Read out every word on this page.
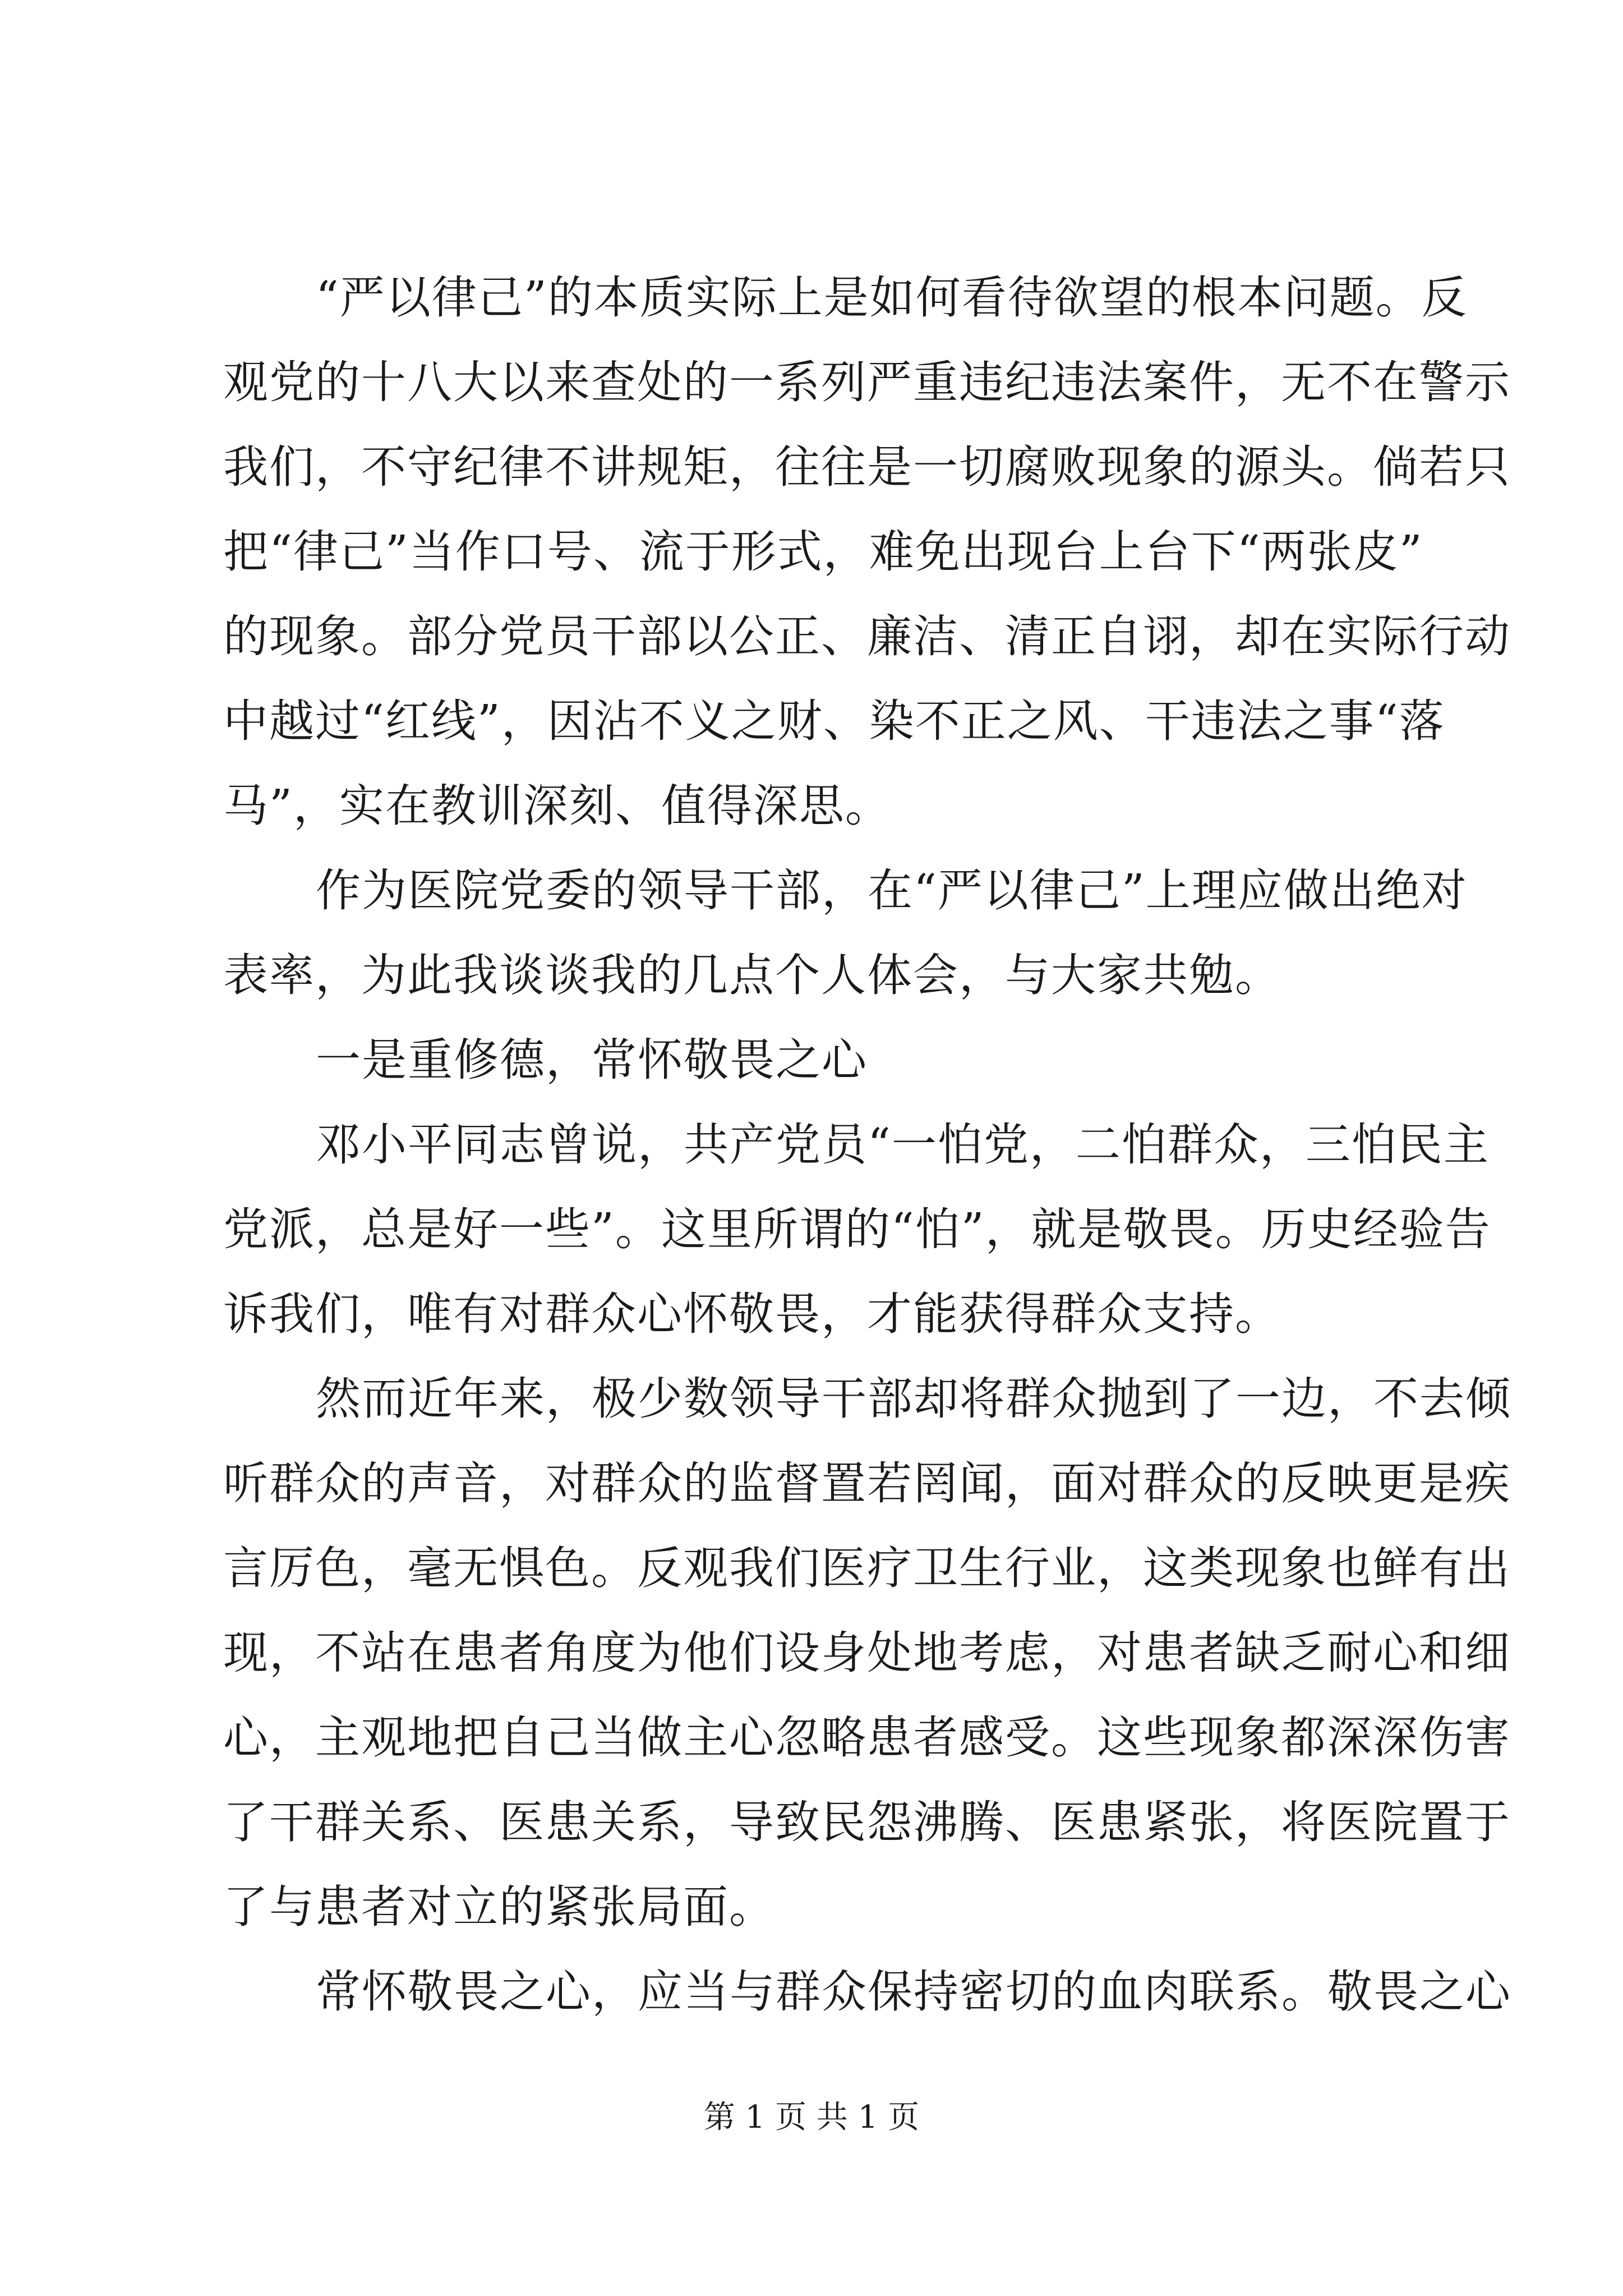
“严以律己”的本质实际上是如何看待欲望的根本问题。反
观党的十八大以来查处的一系列严重违纪违法案件，无不在警示
我们，不守纪律不讲规矩，往往是一切腐败现象的源头。倘若只
把“律己”当作口号、流于形式，难免出现台上台下“两张皮”
的现象。部分党员干部以公正、廉洁、清正自诩，却在实际行动
中越过“红线”，因沾不义之财、染不正之风、干违法之事“落
马”，实在教训深刻、值得深思。
作为医院党委的领导干部，在“严以律己”上理应做出绝对
表率，为此我谈谈我的几点个人体会，与大家共勉。
一是重修德，常怀敬畏之心
邓小平同志曾说，共产党员“一怕党，二怕群众，三怕民主
党派，总是好一些”。这里所谓的“怕”，就是敬畏。历史经验告
诉我们，唯有对群众心怀敬畏，才能获得群众支持。
然而近年来，极少数领导干部却将群众抛到了一边，不去倾
听群众的声音，对群众的监督置若罔闻，面对群众的反映更是疾
言厉色，毫无惧色。反观我们医疗卫生行业，这类现象也鲜有出
现，不站在患者角度为他们设身处地考虑，对患者缺乏耐心和细
心，主观地把自己当做主心忽略患者感受。这些现象都深深伤害
了干群关系、医患关系，导致民怨沸腾、医患紧张，将医院置于
了与患者对立的紧张局面。
常怀敬畏之心，应当与群众保持密切的血肉联系。敬畏之心
第 1 页 共 1 页
